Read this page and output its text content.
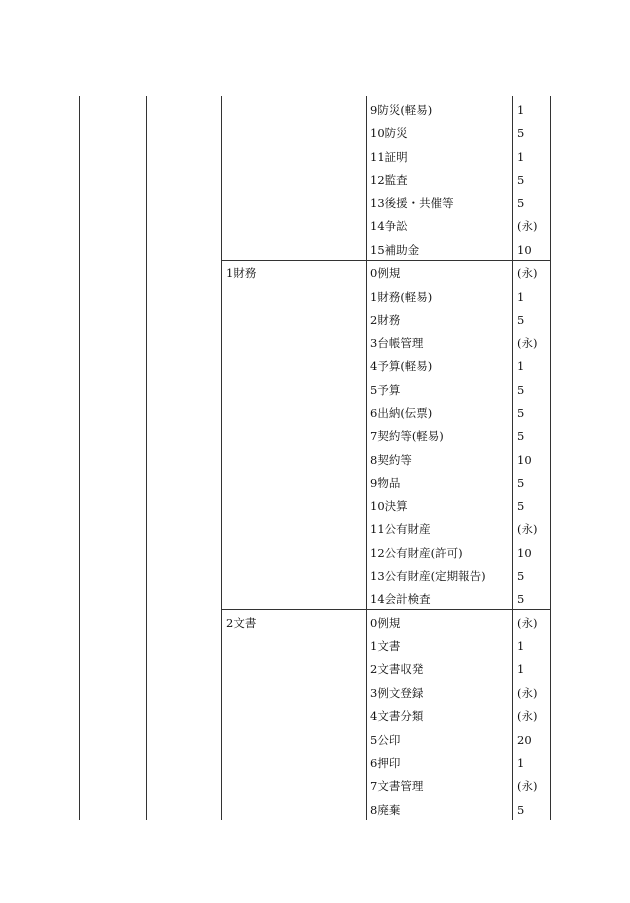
9防災(軽易)	1
10防災	5
11証明	1
12監査	5
13後援・共催等	5
14争訟	(永)
15補助金	10
1財務	0例規	(永)
1財務(軽易)	1
2財務	5
3台帳管理	(永)
4予算(軽易)	1
5予算	5
6出納(伝票)	5
7契約等(軽易)	5
8契約等	10
9物品	5
10決算	5
11公有財産	(永)
12公有財産(許可)	10
13公有財産(定期報告)	5
14会計検査	5
2文書	0例規	(永)
1文書	1
2文書収発	1
3例文登録	(永)
4文書分類	(永)
5公印	20
6押印	1
7文書管理	(永)
8廃棄	5
